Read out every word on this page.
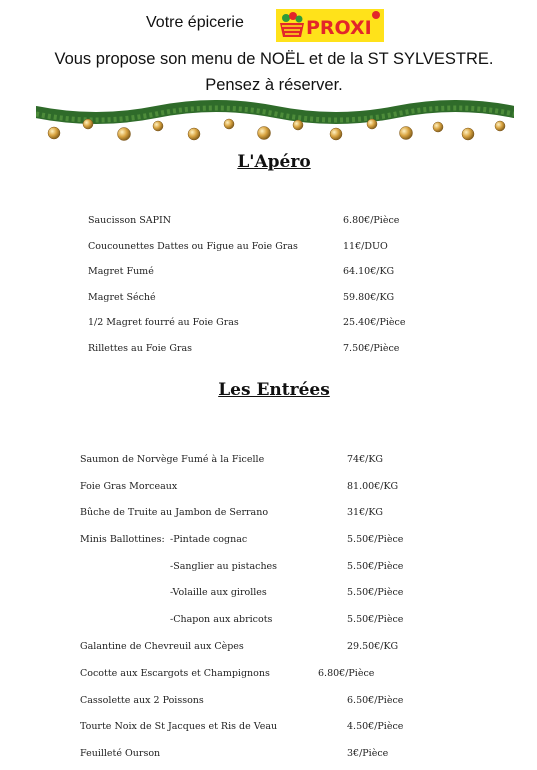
Votre épicerie	PROXI
Vous propose son menu de NOËL et de la ST SYLVESTRE.
Pensez à réserver.
L'Apéro
Saucisson SAPIN	6.80€/Pièce
Coucounettes Dattes ou Figue au Foie Gras	11€/DUO
Magret Fumé	64.10€/KG
Magret Séché	59.80€/KG
1/2 Magret fourré au Foie Gras	25.40€/Pièce
Rillettes au Foie Gras	7.50€/Pièce
Les Entrées
Saumon de Norvège Fumé à la Ficelle	74€/KG
Foie Gras Morceaux	81.00€/KG
Bûche de Truite au Jambon de Serrano	31€/KG
Minis Ballottines: -Pintade cognac	5.50€/Pièce
-Sanglier au pistaches	5.50€/Pièce
-Volaille aux girolles	5.50€/Pièce
-Chapon aux abricots	5.50€/Pièce
Galantine de Chevreuil aux Cèpes	29.50€/KG
Cocotte aux Escargots et Champignons	6.80€/Pièce
Cassolette aux 2 Poissons	6.50€/Pièce
Tourte Noix de St Jacques et Ris de Veau	4.50€/Pièce
Feuilleté Ourson	3€/Pièce
